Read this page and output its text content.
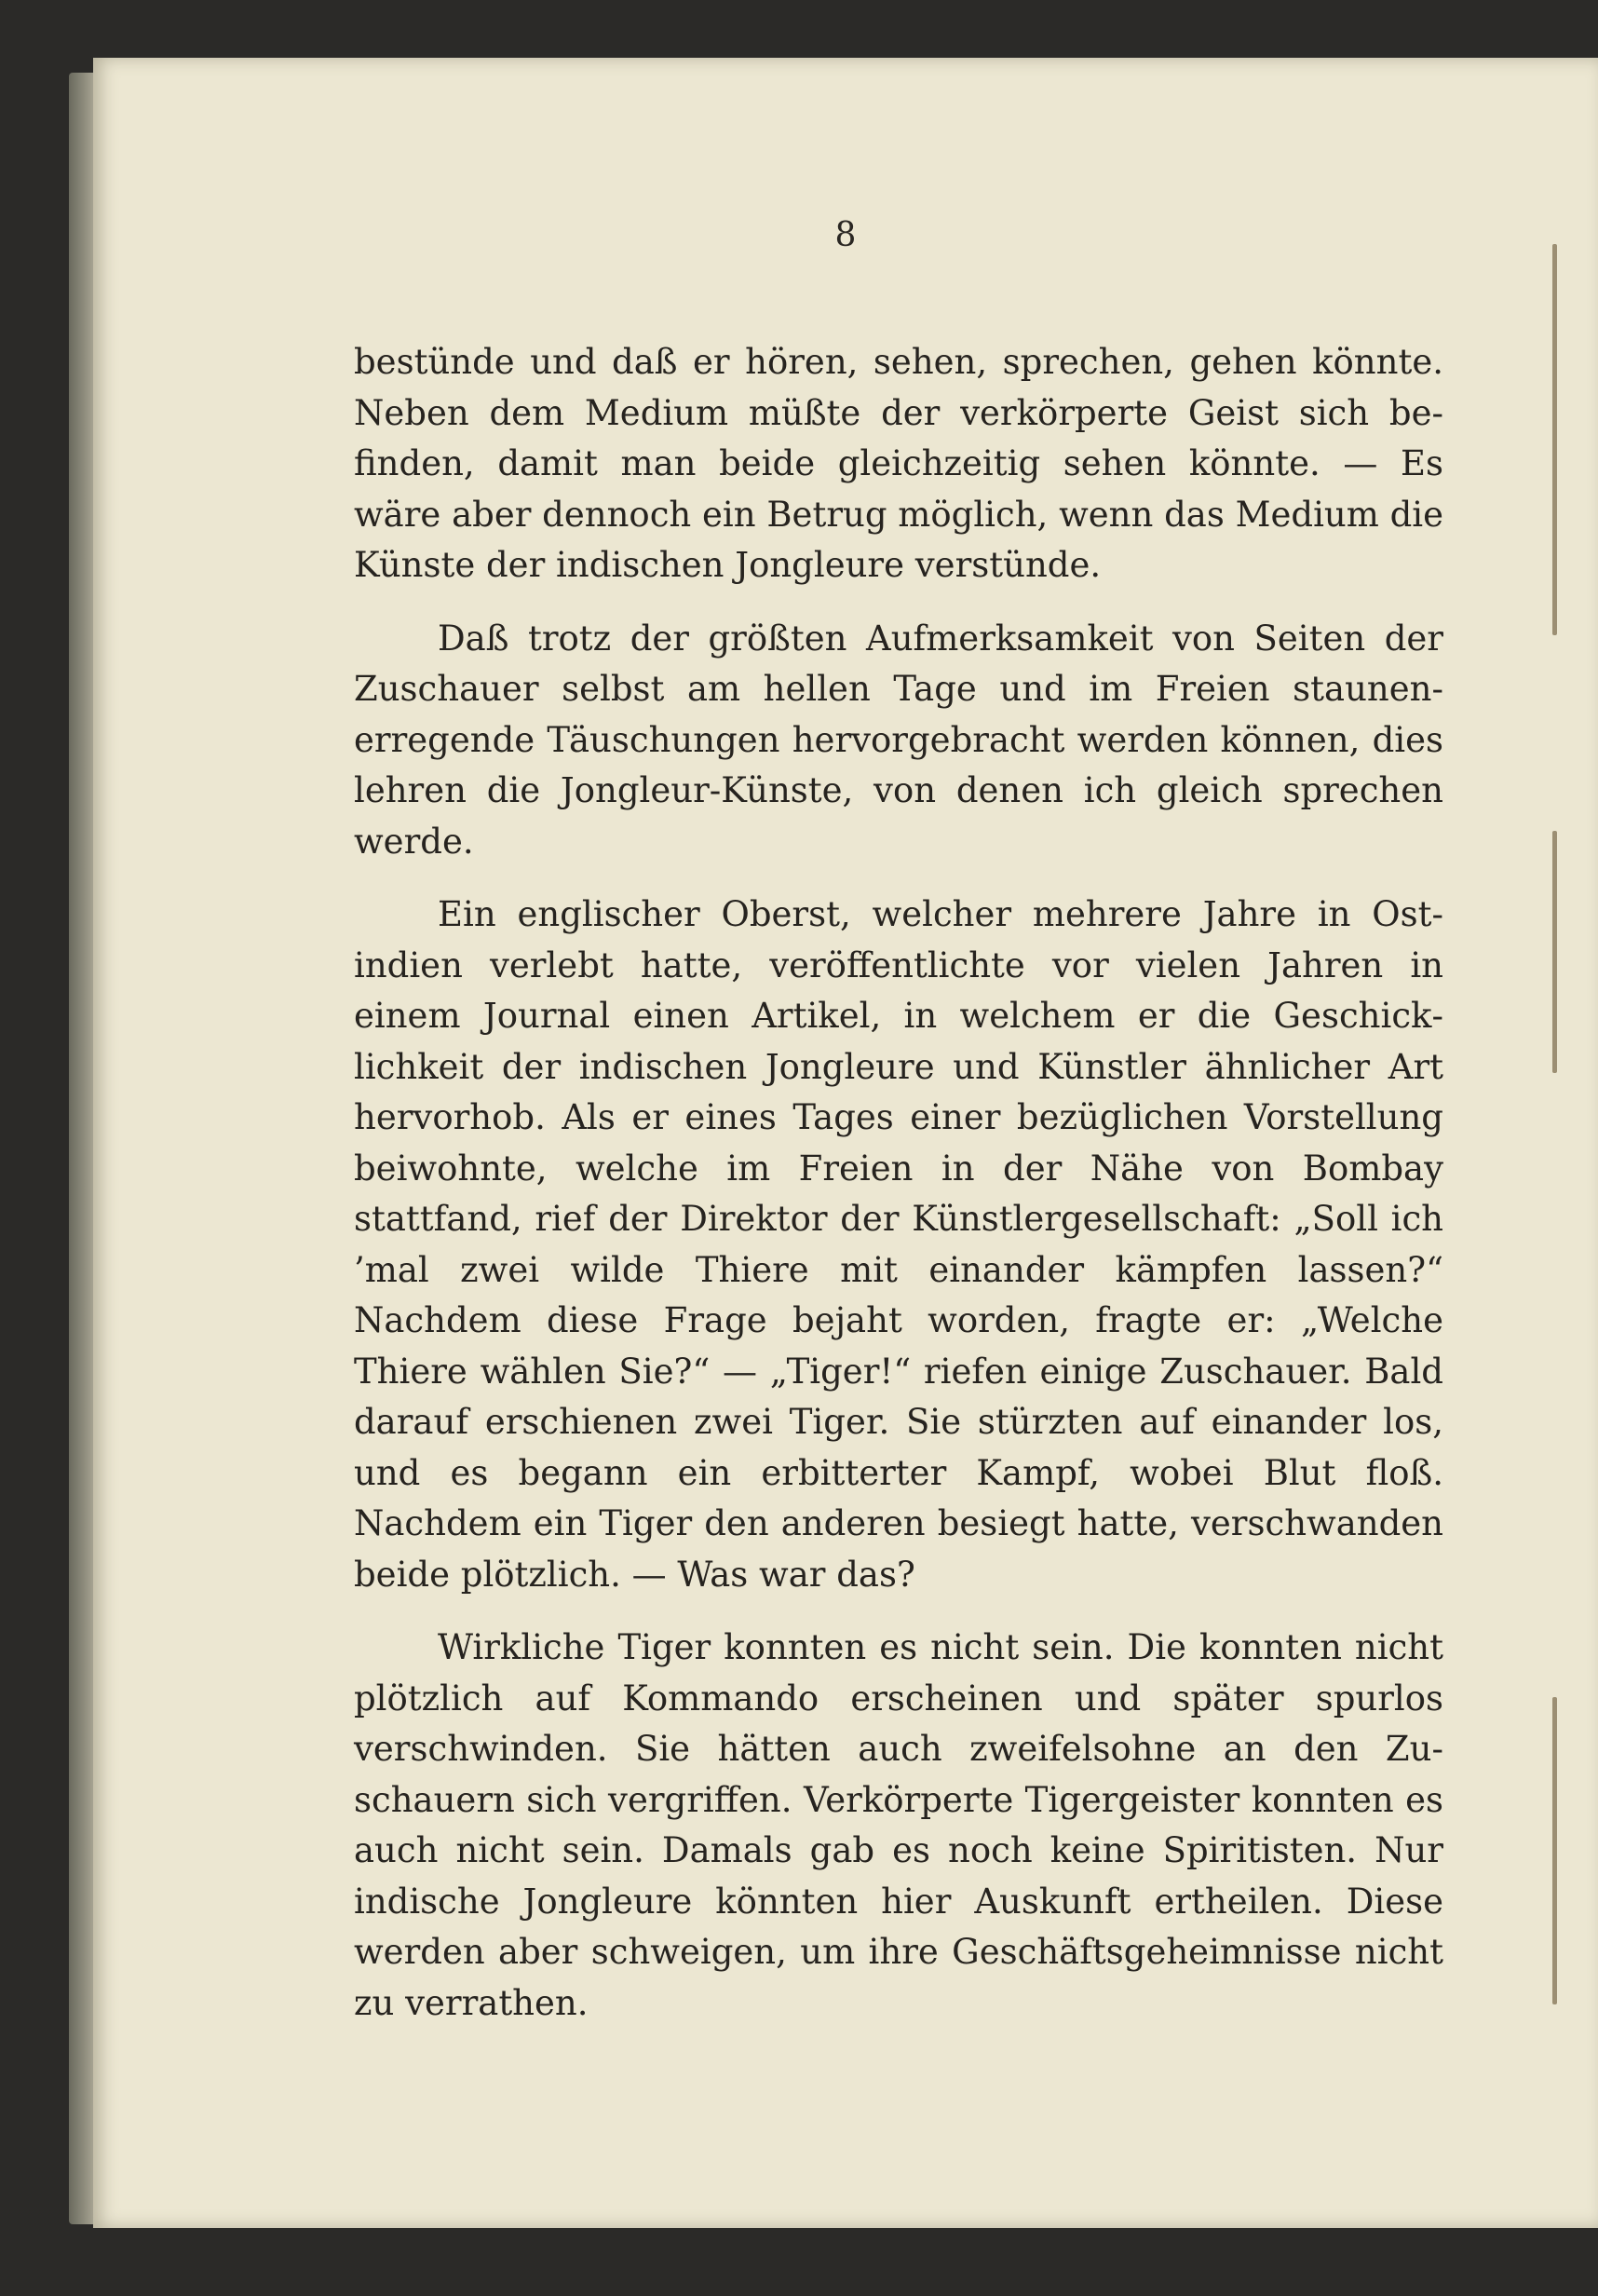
8

bestünde und daß er hören, sehen, sprechen, gehen könnte. Neben dem Medium müßte der verkörperte Geist sich befinden, damit man beide gleichzeitig sehen könnte. — Es wäre aber dennoch ein Betrug möglich, wenn das Medium die Künste der indischen Jongleure verstünde.

Daß trotz der größten Aufmerksamkeit von Seiten der Zuschauer selbst am hellen Tage und im Freien staunenerregende Täuschungen hervorgebracht werden können, dies lehren die Jongleur-Künste, von denen ich gleich sprechen werde.

Ein englischer Oberst, welcher mehrere Jahre in Ostindien verlebt hatte, veröffentlichte vor vielen Jahren in einem Journal einen Artikel, in welchem er die Geschicklichkeit der indischen Jongleure und Künstler ähnlicher Art hervorhob. Als er eines Tages einer bezüglichen Vorstellung beiwohnte, welche im Freien in der Nähe von Bombay stattfand, rief der Direktor der Künstlergesellschaft: „Soll ich ’mal zwei wilde Thiere mit einander kämpfen lassen?“ Nachdem diese Frage bejaht worden, fragte er: „Welche Thiere wählen Sie?“ — „Tiger!“ riefen einige Zuschauer. Bald darauf erschienen zwei Tiger. Sie stürzten auf einander los, und es begann ein erbitterter Kampf, wobei Blut floß. Nachdem ein Tiger den anderen besiegt hatte, verschwanden beide plötzlich. — Was war das?

Wirkliche Tiger konnten es nicht sein. Die konnten nicht plötzlich auf Kommando erscheinen und später spurlos verschwinden. Sie hätten auch zweifelsohne an den Zuschauern sich vergriffen. Verkörperte Tigergeister konnten es auch nicht sein. Damals gab es noch keine Spiritisten. Nur indische Jongleure könnten hier Auskunft ertheilen. Diese werden aber schweigen, um ihre Geschäftsgeheimnisse nicht zu verrathen.
